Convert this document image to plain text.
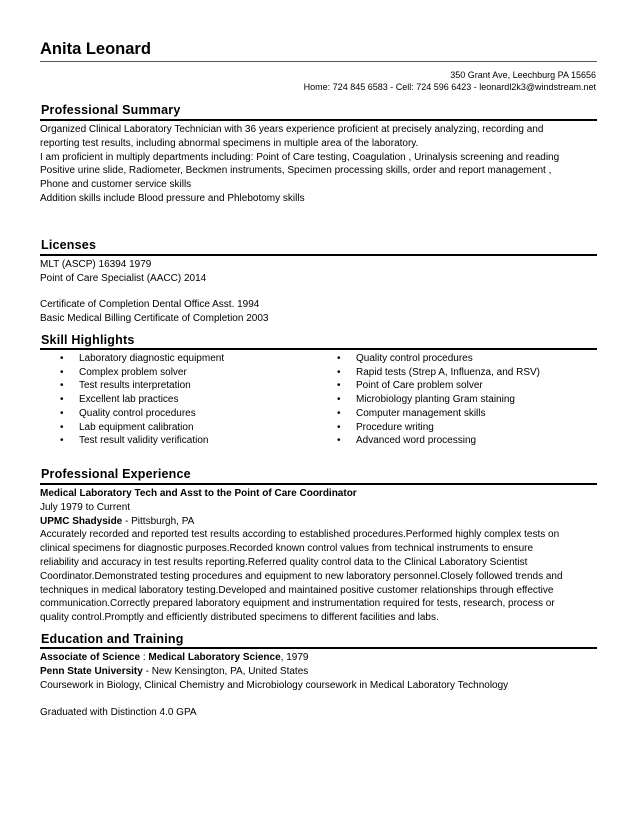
Anita Leonard
350 Grant Ave, Leechburg PA 15656
Home: 724 845 6583 - Cell: 724 596 6423 - leonardl2k3@windstream.net
Professional Summary
Organized Clinical Laboratory Technician with 36 years experience proficient at precisely analyzing, recording and
reporting test results, including abnormal specimens in multiple area of the laboratory.
I am proficient in multiply departments including: Point of Care testing, Coagulation , Urinalysis screening and reading
Positive urine slide, Radiometer, Beckmen instruments, Specimen processing skills, order and report management ,
Phone and customer service skills
Addition skills include Blood pressure and Phlebotomy skills
Licenses
MLT (ASCP) 16394 1979
Point of Care Specialist (AACC) 2014
Certificate of Completion Dental Office Asst. 1994
Basic Medical Billing Certificate of Completion 2003
Skill Highlights
• Laboratory diagnostic equipment
• Complex problem solver
• Test results interpretation
• Excellent lab practices
• Quality control procedures
• Lab equipment calibration
• Test result validity verification
• Quality control procedures
• Rapid tests (Strep A, Influenza, and RSV)
• Point of Care problem solver
• Microbiology planting Gram staining
• Computer management skills
• Procedure writing
• Advanced word processing
Professional Experience
Medical Laboratory Tech and Asst to the Point of Care Coordinator
July 1979 to Current
UPMC Shadyside - Pittsburgh, PA
Accurately recorded and reported test results according to established procedures.Performed highly complex tests on
clinical specimens for diagnostic purposes.Recorded known control values from technical instruments to ensure
reliability and accuracy in test results reporting.Referred quality control data to the Clinical Laboratory Scientist
Coordinator.Demonstrated testing procedures and equipment to new laboratory personnel.Closely followed trends and
techniques in medical laboratory testing.Developed and maintained positive customer relationships through effective
communication.Correctly prepared laboratory equipment and instrumentation required for tests, research, process or
quality control.Promptly and efficiently distributed specimens to different facilities and labs.
Education and Training
Associate of Science : Medical Laboratory Science, 1979
Penn State University - New Kensington, PA, United States
Coursework in Biology, Clinical Chemistry and Microbiology coursework in Medical Laboratory Technology
Graduated with Distinction 4.0 GPA
